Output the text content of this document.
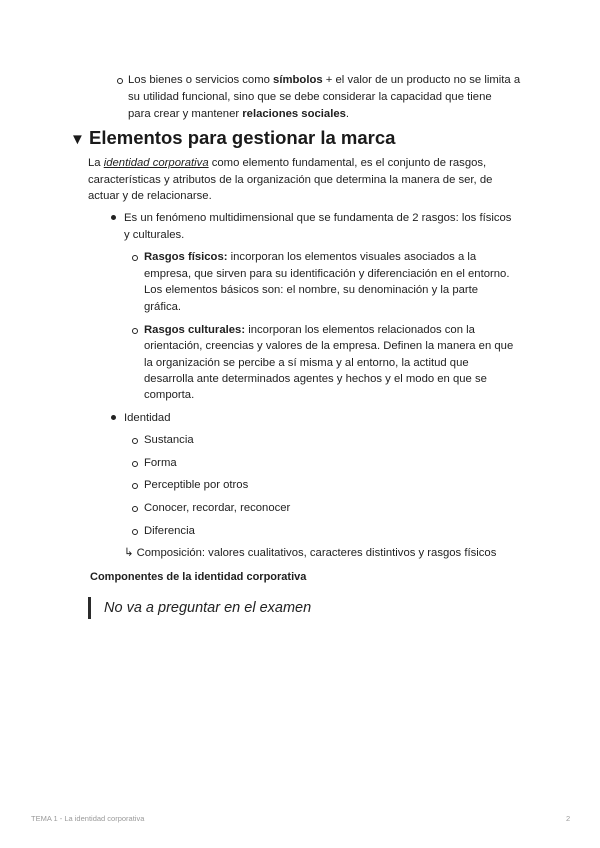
Los bienes o servicios como símbolos + el valor de un producto no se limita a
su utilidad funcional, sino que se debe considerar la capacidad que tiene
para crear y mantener relaciones sociales.
▼ Elementos para gestionar la marca
La identidad corporativa como elemento fundamental, es el conjunto de rasgos,
características y atributos de la organización que determina la manera de ser, de
actuar y de relacionarse.
Es un fenómeno multidimensional que se fundamenta de 2 rasgos: los físicos
y culturales.
Rasgos físicos: incorporan los elementos visuales asociados a la
empresa, que sirven para su identificación y diferenciación en el entorno.
Los elementos básicos son: el nombre, su denominación y la parte
gráfica.
Rasgos culturales: incorporan los elementos relacionados con la
orientación, creencias y valores de la empresa. Definen la manera en que
la organización se percibe a sí misma y al entorno, la actitud que
desarrolla ante determinados agentes y hechos y el modo en que se
comporta.
Identidad
Sustancia
Forma
Perceptible por otros
Conocer, recordar, reconocer
Diferencia
↳ Composición: valores cualitativos, caracteres distintivos y rasgos físicos
Componentes de la identidad corporativa
No va a preguntar en el examen
TEMA 1 - La identidad corporativa	2
